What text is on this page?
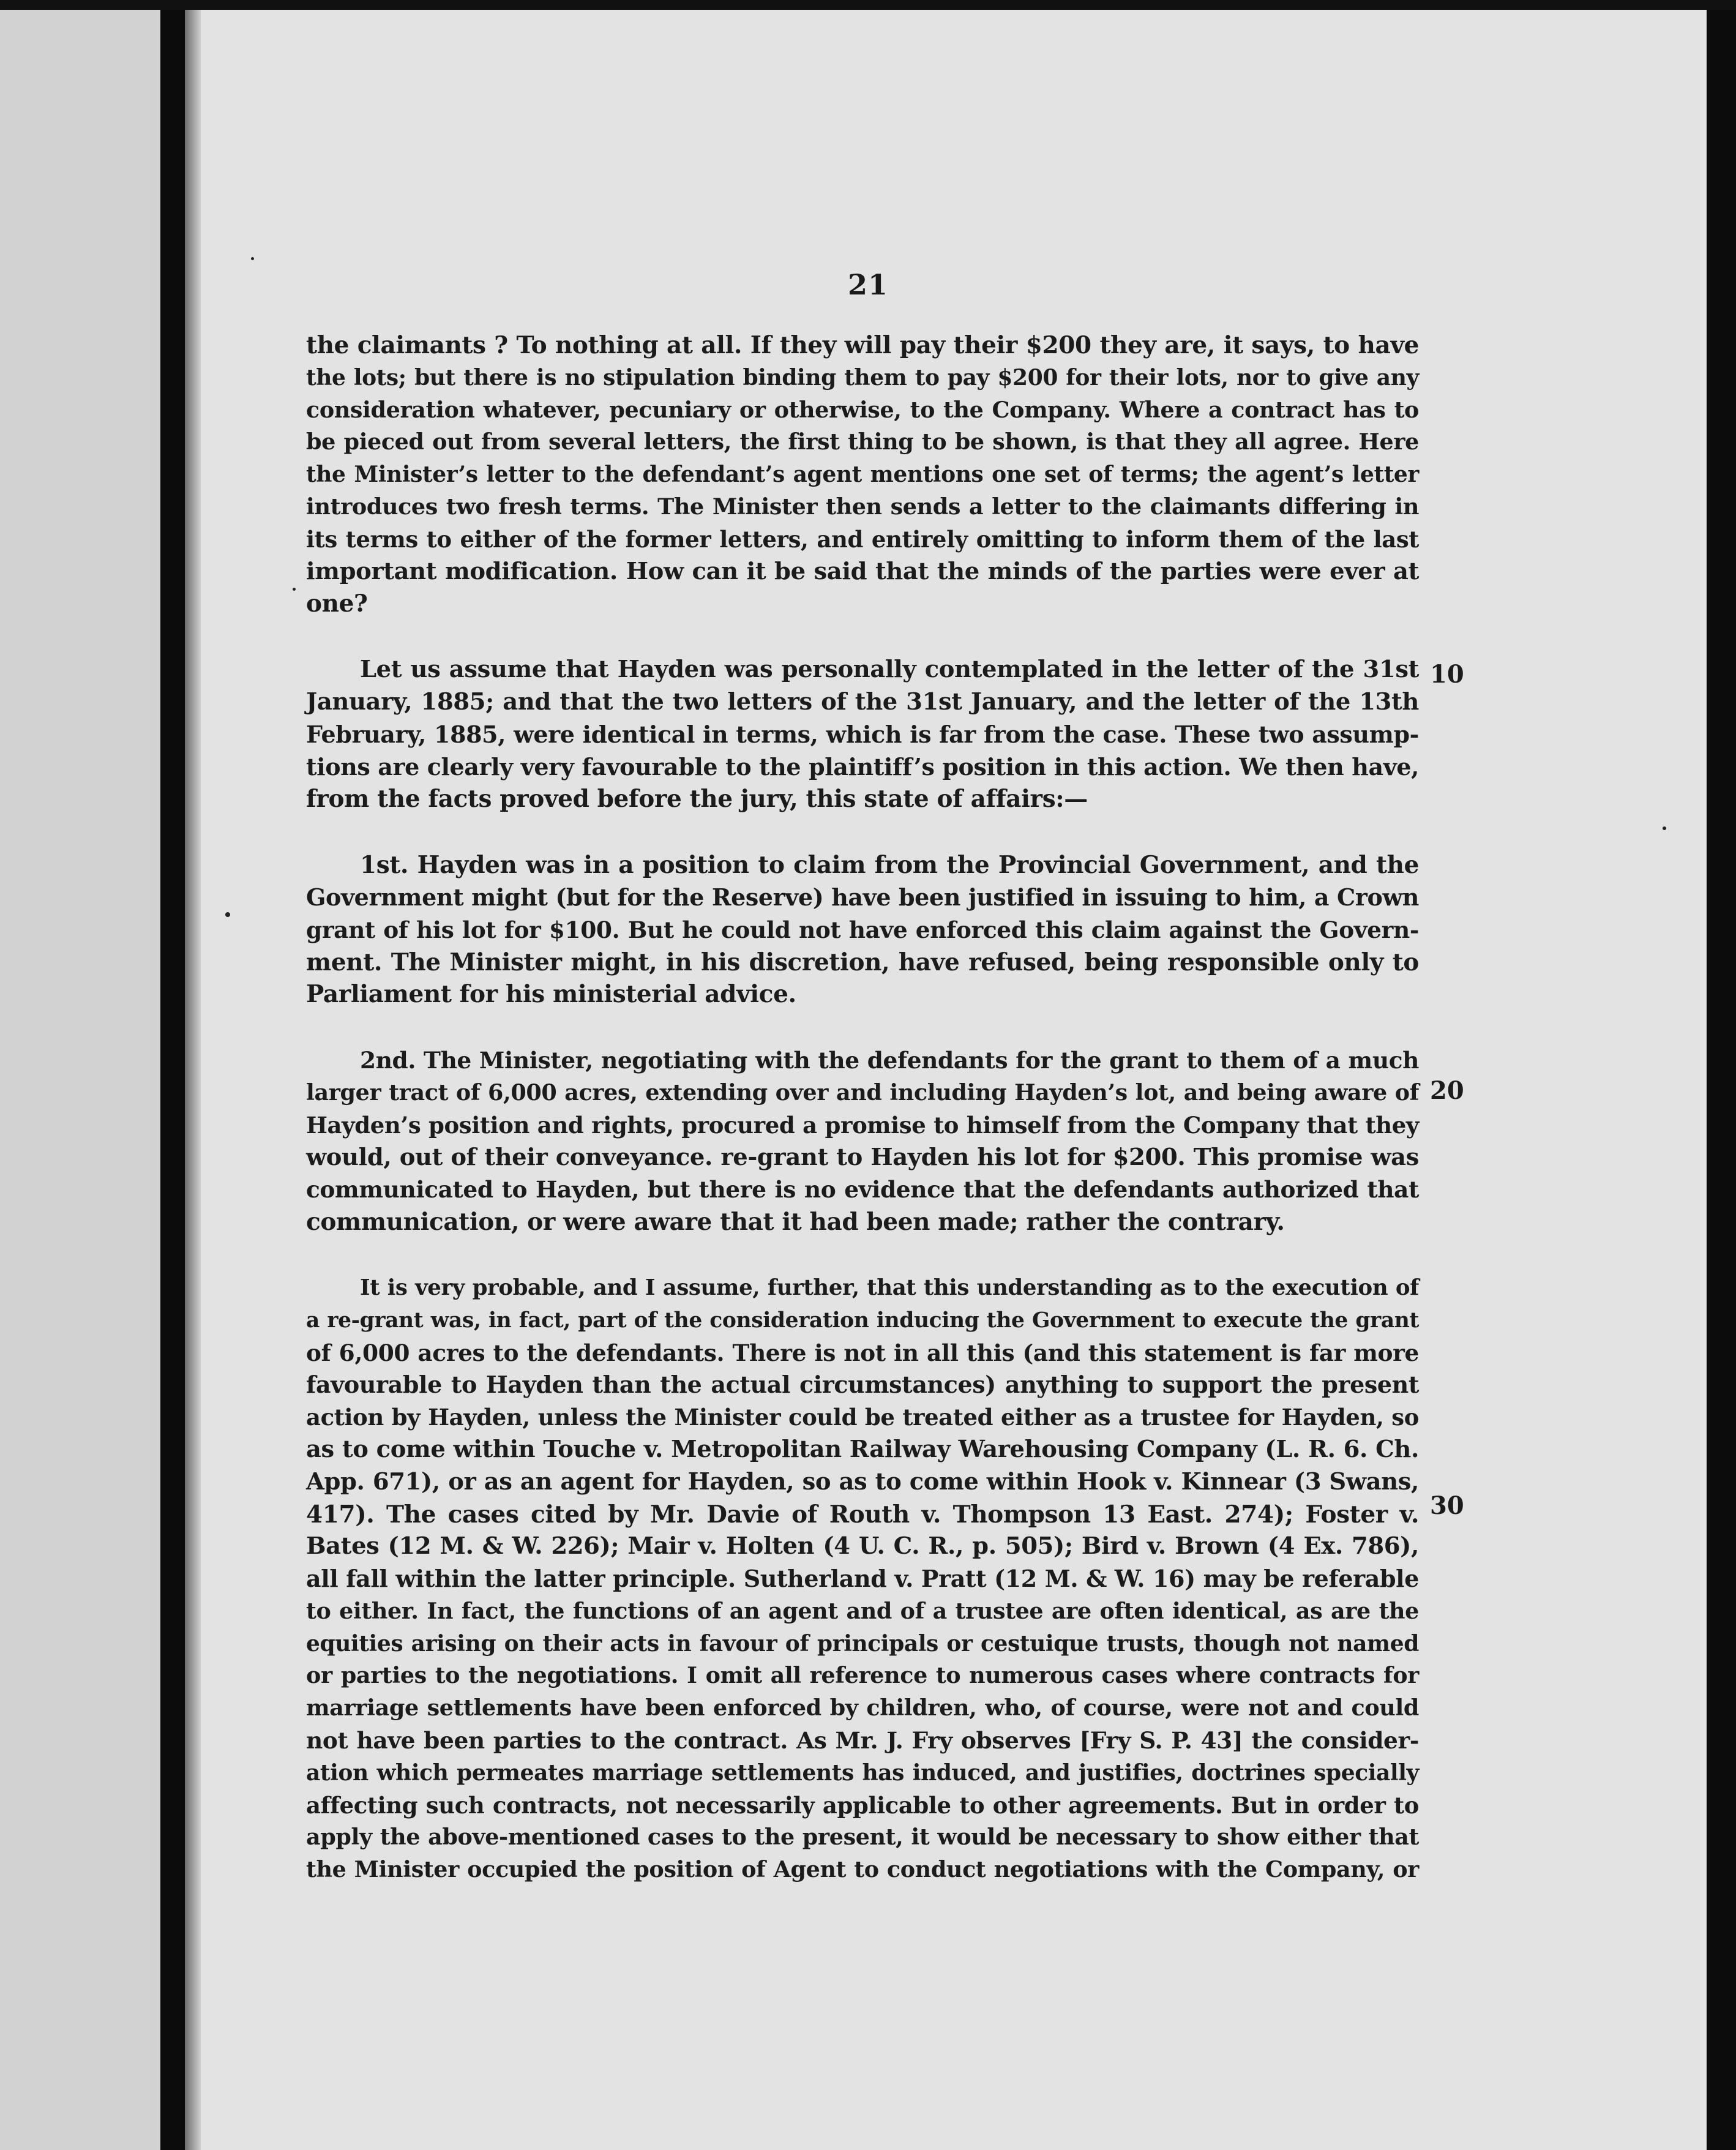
21
10
20
30
the claimants ? To nothing at all. If they will pay their $200 they are, it says, to have
the lots; but there is no stipulation binding them to pay $200 for their lots, nor to give any
consideration whatever, pecuniary or otherwise, to the Company. Where a contract has to
be pieced out from several letters, the first thing to be shown, is that they all agree. Here
the Minister’s letter to the defendant’s agent mentions one set of terms; the agent’s letter
introduces two fresh terms. The Minister then sends a letter to the claimants differing in
its terms to either of the former letters, and entirely omitting to inform them of the last
important modification. How can it be said that the minds of the parties were ever at
one?
Let us assume that Hayden was personally contemplated in the letter of the 31st
January, 1885; and that the two letters of the 31st January, and the letter of the 13th
February, 1885, were identical in terms, which is far from the case. These two assump-
tions are clearly very favourable to the plaintiff’s position in this action. We then have,
from the facts proved before the jury, this state of affairs:—
1st. Hayden was in a position to claim from the Provincial Government, and the
Government might (but for the Reserve) have been justified in issuing to him, a Crown
grant of his lot for $100. But he could not have enforced this claim against the Govern-
ment. The Minister might, in his discretion, have refused, being responsible only to
Parliament for his ministerial advice.
2nd. The Minister, negotiating with the defendants for the grant to them of a much
larger tract of 6,000 acres, extending over and including Hayden’s lot, and being aware of
Hayden’s position and rights, procured a promise to himself from the Company that they
would, out of their conveyance. re-grant to Hayden his lot for $200. This promise was
communicated to Hayden, but there is no evidence that the defendants authorized that
communication, or were aware that it had been made; rather the contrary.
It is very probable, and I assume, further, that this understanding as to the execution of
a re-grant was, in fact, part of the consideration inducing the Government to execute the grant
of 6,000 acres to the defendants. There is not in all this (and this statement is far more
favourable to Hayden than the actual circumstances) anything to support the present
action by Hayden, unless the Minister could be treated either as a trustee for Hayden, so
as to come within Touche v. Metropolitan Railway Warehousing Company (L. R. 6. Ch.
App. 671), or as an agent for Hayden, so as to come within Hook v. Kinnear (3 Swans,
417). The cases cited by Mr. Davie of Routh v. Thompson 13 East. 274); Foster v.
Bates (12 M. & W. 226); Mair v. Holten (4 U. C. R., p. 505); Bird v. Brown (4 Ex. 786),
all fall within the latter principle. Sutherland v. Pratt (12 M. & W. 16) may be referable
to either. In fact, the functions of an agent and of a trustee are often identical, as are the
equities arising on their acts in favour of principals or cestuique trusts, though not named
or parties to the negotiations. I omit all reference to numerous cases where contracts for
marriage settlements have been enforced by children, who, of course, were not and could
not have been parties to the contract. As Mr. J. Fry observes [Fry S. P. 43] the consider-
ation which permeates marriage settlements has induced, and justifies, doctrines specially
affecting such contracts, not necessarily applicable to other agreements. But in order to
apply the above-mentioned cases to the present, it would be necessary to show either that
the Minister occupied the position of Agent to conduct negotiations with the Company, or
